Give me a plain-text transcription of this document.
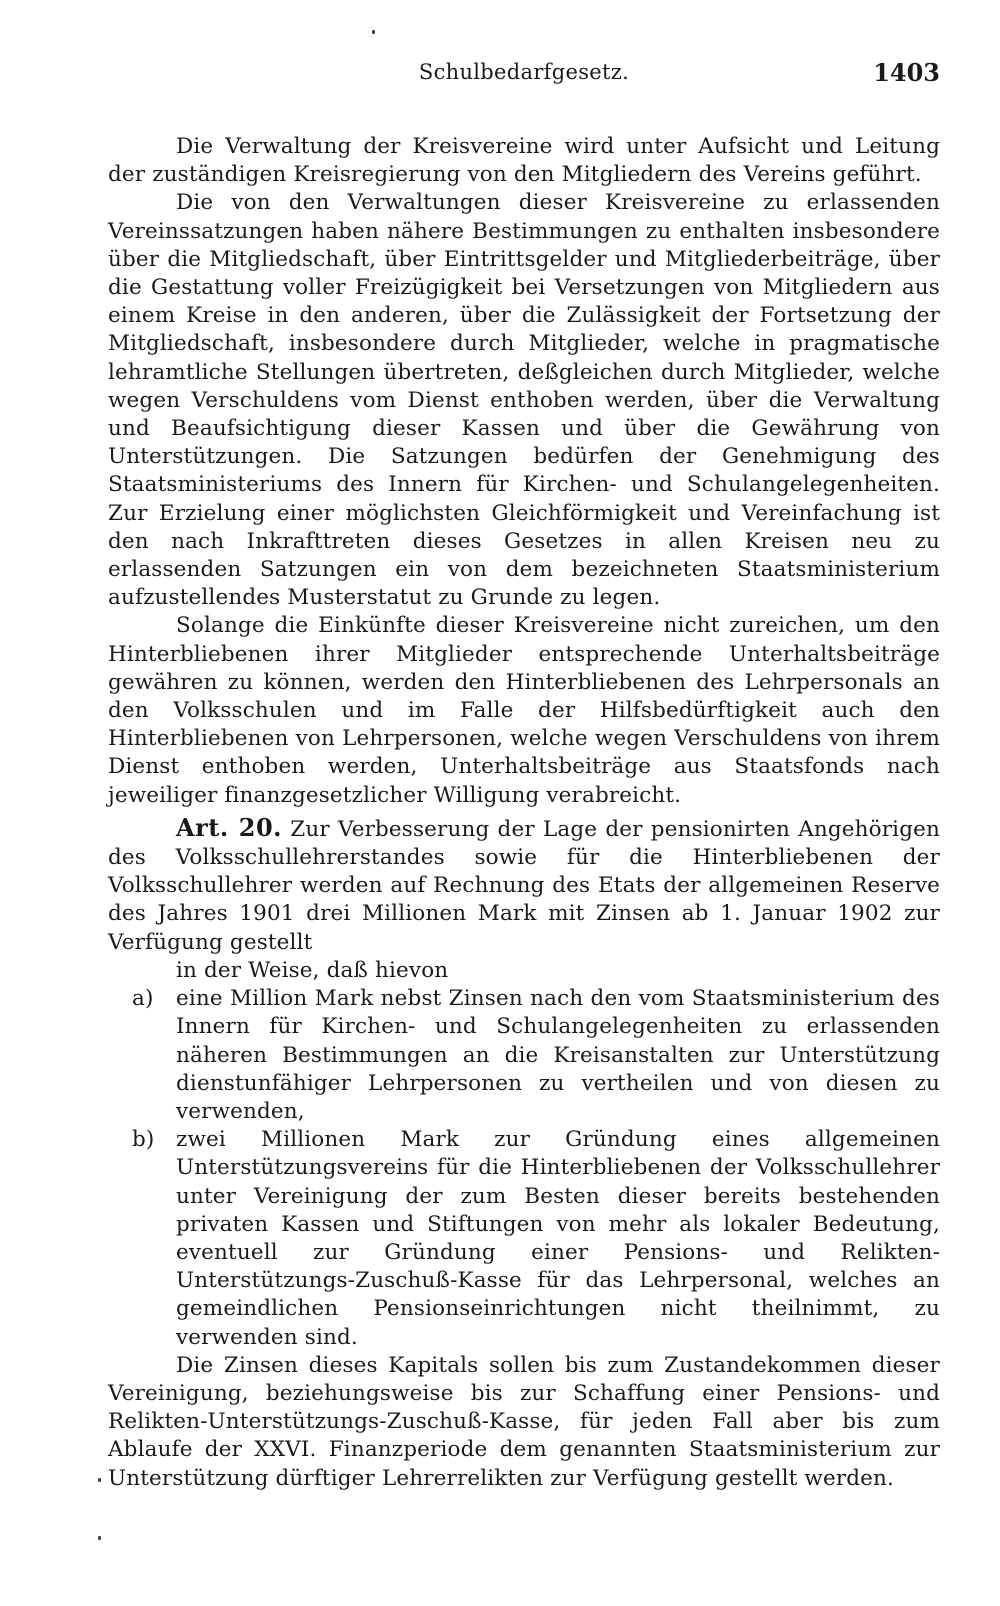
Schulbedarfgesetz.	1403

Die Verwaltung der Kreisvereine wird unter Aufsicht und Leitung der zuständigen Kreisregierung von den Mitgliedern des Vereins geführt.

Die von den Verwaltungen dieser Kreisvereine zu erlassenden Vereinssatzungen haben nähere Bestimmungen zu enthalten insbesondere über die Mitgliedschaft, über Eintrittsgelder und Mitgliederbeiträge, über die Gestattung voller Freizügigkeit bei Versetzungen von Mitgliedern aus einem Kreise in den anderen, über die Zulässigkeit der Fortsetzung der Mitgliedschaft, insbesondere durch Mitglieder, welche in pragmatische lehramtliche Stellungen übertreten, deßgleichen durch Mitglieder, welche wegen Verschuldens vom Dienst enthoben werden, über die Verwaltung und Beaufsichtigung dieser Kassen und über die Gewährung von Unterstützungen. Die Satzungen bedürfen der Genehmigung des Staatsministeriums des Innern für Kirchen- und Schulangelegenheiten. Zur Erzielung einer möglichsten Gleichförmigkeit und Vereinfachung ist den nach Inkrafttreten dieses Gesetzes in allen Kreisen neu zu erlassenden Satzungen ein von dem bezeichneten Staatsministerium aufzustellendes Musterstatut zu Grunde zu legen.

Solange die Einkünfte dieser Kreisvereine nicht zureichen, um den Hinterbliebenen ihrer Mitglieder entsprechende Unterhaltsbeiträge gewähren zu können, werden den Hinterbliebenen des Lehrpersonals an den Volksschulen und im Falle der Hilfsbedürftigkeit auch den Hinterbliebenen von Lehrpersonen, welche wegen Verschuldens von ihrem Dienst enthoben werden, Unterhaltsbeiträge aus Staatsfonds nach jeweiliger finanzgesetzlicher Willigung verabreicht.

Art. 20. Zur Verbesserung der Lage der pensionirten Angehörigen des Volksschullehrerstandes sowie für die Hinterbliebenen der Volksschullehrer werden auf Rechnung des Etats der allgemeinen Reserve des Jahres 1901 drei Millionen Mark mit Zinsen ab 1. Januar 1902 zur Verfügung gestellt

in der Weise, daß hievon

a) eine Million Mark nebst Zinsen nach den vom Staatsministerium des Innern für Kirchen- und Schulangelegenheiten zu erlassenden näheren Bestimmungen an die Kreisanstalten zur Unterstützung dienstunfähiger Lehrpersonen zu vertheilen und von diesen zu verwenden,
b) zwei Millionen Mark zur Gründung eines allgemeinen Unterstützungsvereins für die Hinterbliebenen der Volksschullehrer unter Vereinigung der zum Besten dieser bereits bestehenden privaten Kassen und Stiftungen von mehr als lokaler Bedeutung, eventuell zur Gründung einer Pensions- und Relikten-Unterstützungs-Zuschuß-Kasse für das Lehrpersonal, welches an gemeindlichen Pensionseinrichtungen nicht theilnimmt, zu verwenden sind.

Die Zinsen dieses Kapitals sollen bis zum Zustandekommen dieser Vereinigung, beziehungsweise bis zur Schaffung einer Pensions- und Relikten-Unterstützungs-Zuschuß-Kasse, für jeden Fall aber bis zum Ablaufe der XXVI. Finanzperiode dem genannten Staatsministerium zur Unterstützung dürftiger Lehrerrelikten zur Verfügung gestellt werden.
